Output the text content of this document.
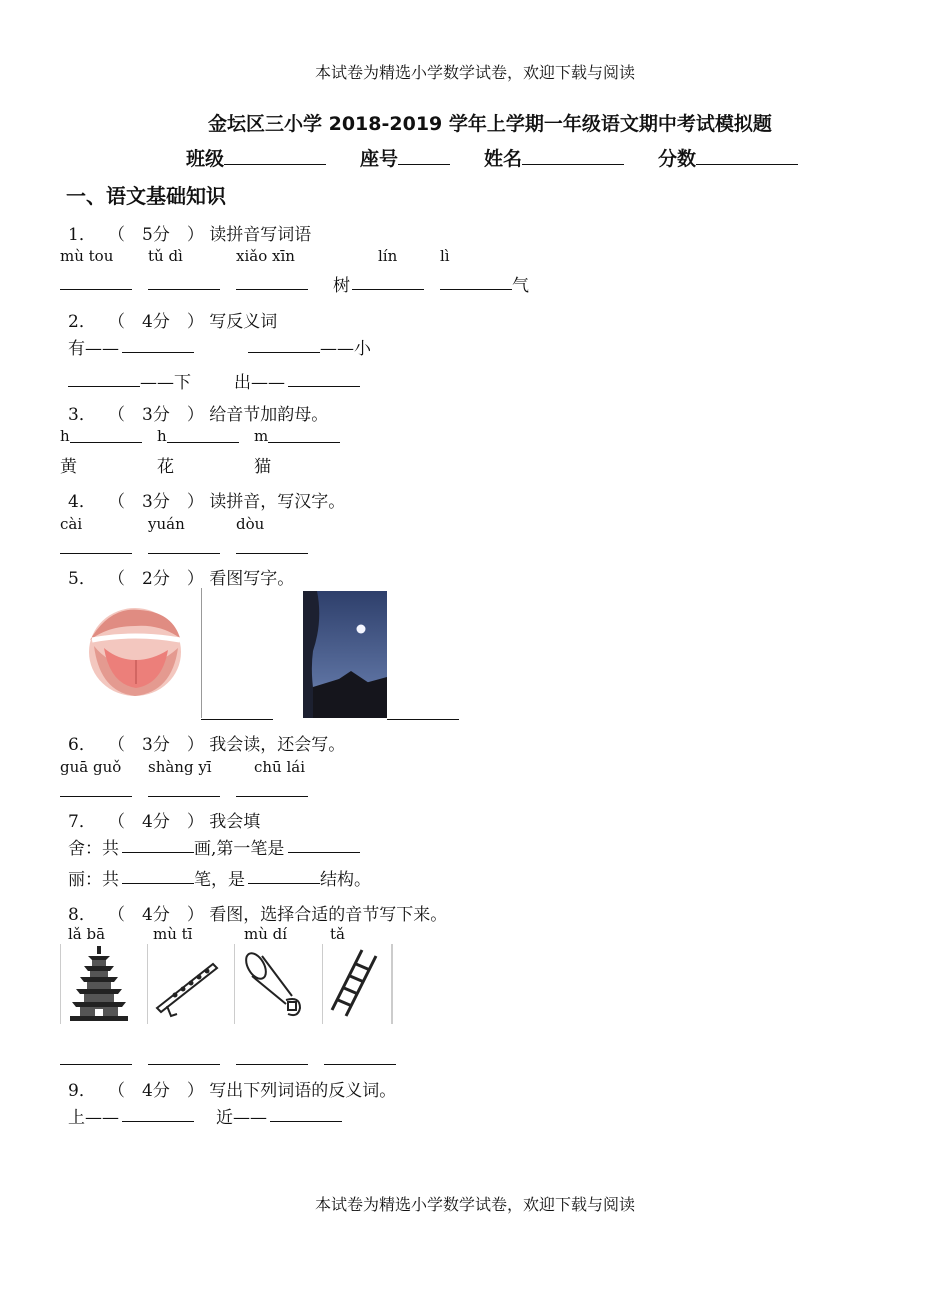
本试卷为精选小学数学试卷，欢迎下载与阅读
金坛区三小学 2018-2019 学年上学期一年级语文期中考试模拟题
班级	座号	姓名	分数
一、语文基础知识
1． （　5分　） 读拼音写词语
mù tou tǔ dì	xiǎo xīn	lín	lì
树	气
2． （　4分　） 写反义词
有——	——小
——下	出——
3． （　3分　） 给音节加韵母。
h	h	m
黄	花	猫
4． （　3分　） 读拼音，写汉字。
cài	yuán	dòu
5． （　2分　） 看图写字。
6． （　3分　） 我会读，还会写。
guā guǒ shàng yī	chū lái
7． （　4分　） 我会填
舍：共	画,第一笔是
丽：共	笔，是	结构。
8． （　4分　） 看图，选择合适的音节写下来。
lǎ bā	mù tī	mù dí	tǎ
9． （　4分　） 写出下列词语的反义词。
上——	近——
本试卷为精选小学数学试卷，欢迎下载与阅读
